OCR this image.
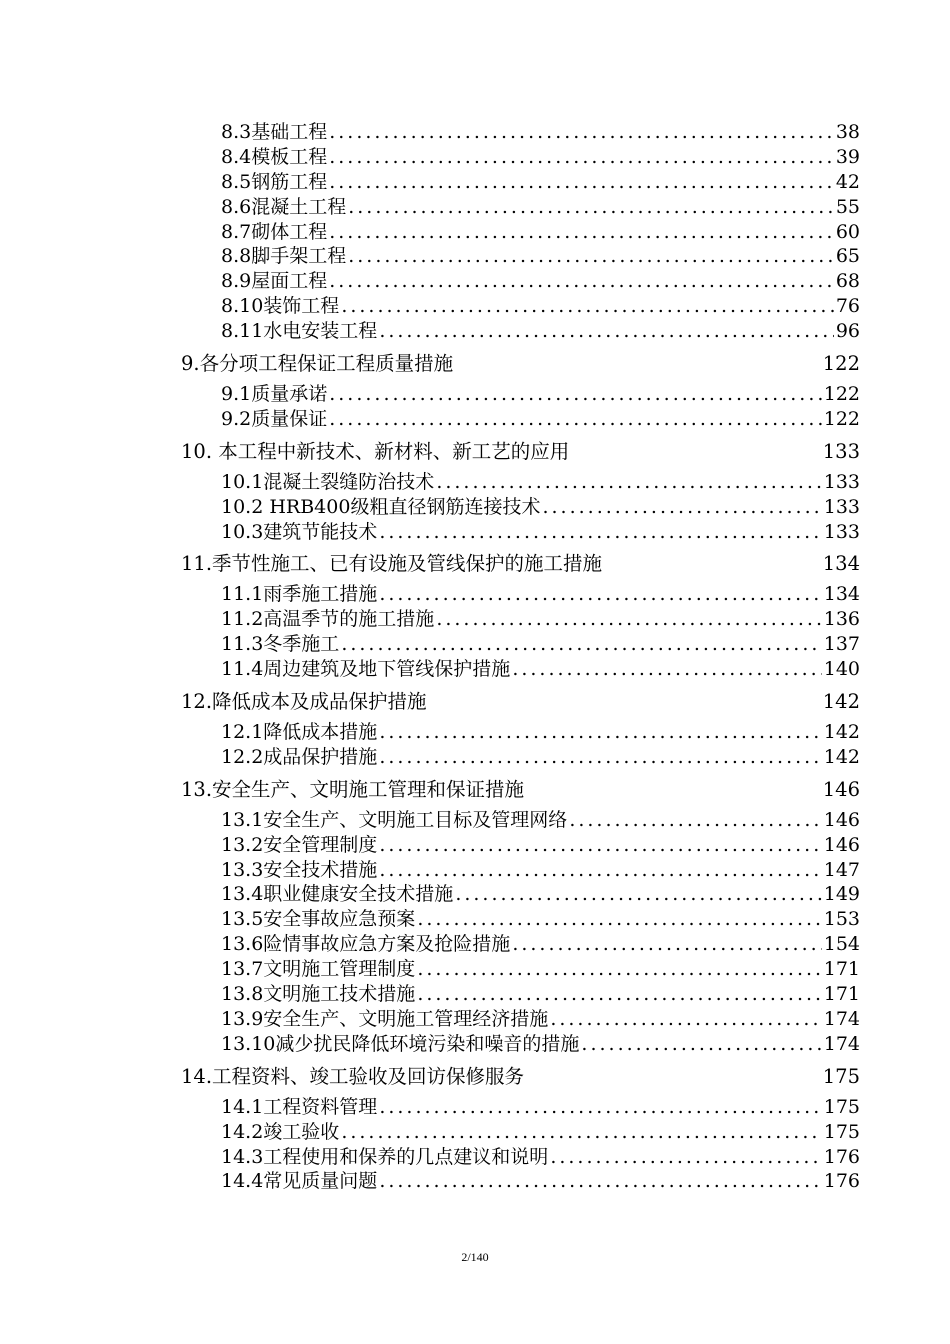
8.3基础工程 .....	38
8.4模板工程 .....	39
8.5钢筋工程 .....	42
8.6混凝土工程 .....	55
8.7砌体工程 .....	60
8.8脚手架工程 .....	65
8.9屋面工程 .....	68
8.10装饰工程 .....	76
8.11水电安装工程 .....	96
9.各分项工程保证工程质量措施	122
9.1质量承诺 .....	122
9.2质量保证 .....	122
10. 本工程中新技术、新材料、新工艺的应用	133
10.1混凝土裂缝防治技术 .....	133
10.2 HRB400级粗直径钢筋连接技术 .....	133
10.3建筑节能技术 .....	133
11.季节性施工、已有设施及管线保护的施工措施	134
11.1雨季施工措施 .....	134
11.2高温季节的施工措施 .....	136
11.3冬季施工 .....	137
11.4周边建筑及地下管线保护措施 .....	140
12.降低成本及成品保护措施	142
12.1降低成本措施 .....	142
12.2成品保护措施 .....	142
13.安全生产、文明施工管理和保证措施	146
13.1安全生产、文明施工目标及管理网络 .....	146
13.2安全管理制度 .....	146
13.3安全技术措施 .....	147
13.4职业健康安全技术措施 .....	149
13.5安全事故应急预案 .....	153
13.6险情事故应急方案及抢险措施 .....	154
13.7文明施工管理制度 .....	171
13.8文明施工技术措施 .....	171
13.9安全生产、文明施工管理经济措施 .....	174
13.10减少扰民降低环境污染和噪音的措施 .....	174
14.工程资料、竣工验收及回访保修服务	175
14.1工程资料管理 .....	175
14.2竣工验收 .....	175
14.3工程使用和保养的几点建议和说明 .....	176
14.4常见质量问题 .....	176
2/140
